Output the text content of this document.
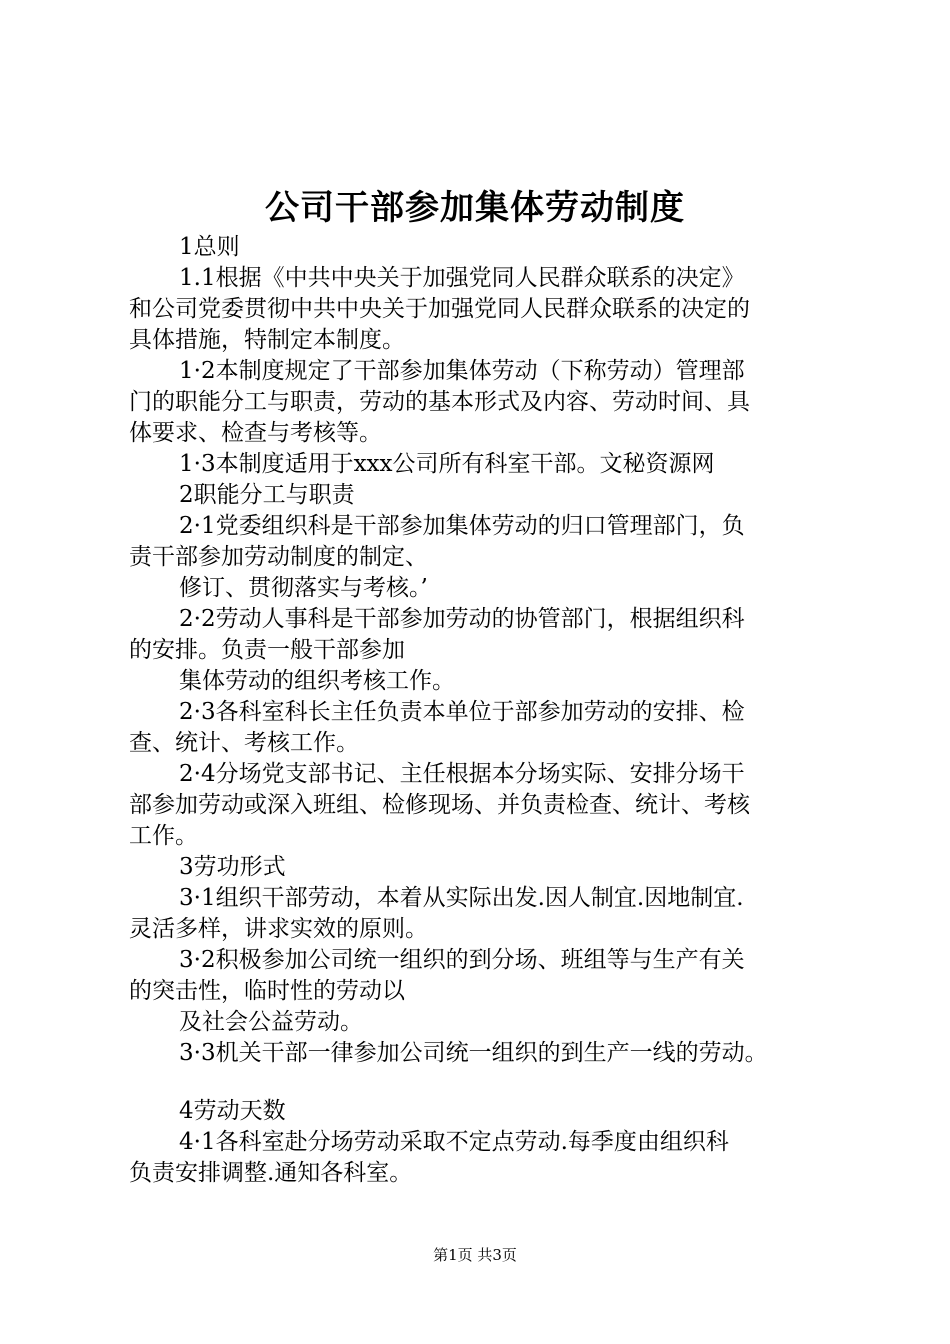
公司干部参加集体劳动制度
1总则
1.1根据《中共中央关于加强党同人民群众联系的决定》
和公司党委贯彻中共中央关于加强党同人民群众联系的决定的
具体措施，特制定本制度。
1·2本制度规定了干部参加集体劳动（下称劳动）管理部
门的职能分工与职责，劳动的基本形式及内容、劳动时间、具
体要求、检查与考核等。
1·3本制度适用于xxx公司所有科室干部。文秘资源网
2职能分工与职责
2·1党委组织科是干部参加集体劳动的归口管理部门，负
责干部参加劳动制度的制定、
修订、贯彻落实与考核。’
2·2劳动人事科是干部参加劳动的协管部门，根据组织科
的安排。负责一般干部参加
集体劳动的组织考核工作。
2·3各科室科长主任负责本单位于部参加劳动的安排、检
查、统计、考核工作。
2·4分场党支部书记、主任根据本分场实际、安排分场干
部参加劳动或深入班组、检修现场、并负责检查、统计、考核
工作。
3劳功形式
3·1组织干部劳动，本着从实际出发.因人制宜.因地制宜.
灵活多样，讲求实效的原则。
3·2积极参加公司统一组织的到分场、班组等与生产有关
的突击性，临时性的劳动以
及社会公益劳动。
3·3机关干部一律参加公司统一组织的到生产一线的劳动。
4劳动天数
4·1各科室赴分场劳动采取不定点劳动.每季度由组织科
负责安排调整.通知各科室。
第1页 共3页
